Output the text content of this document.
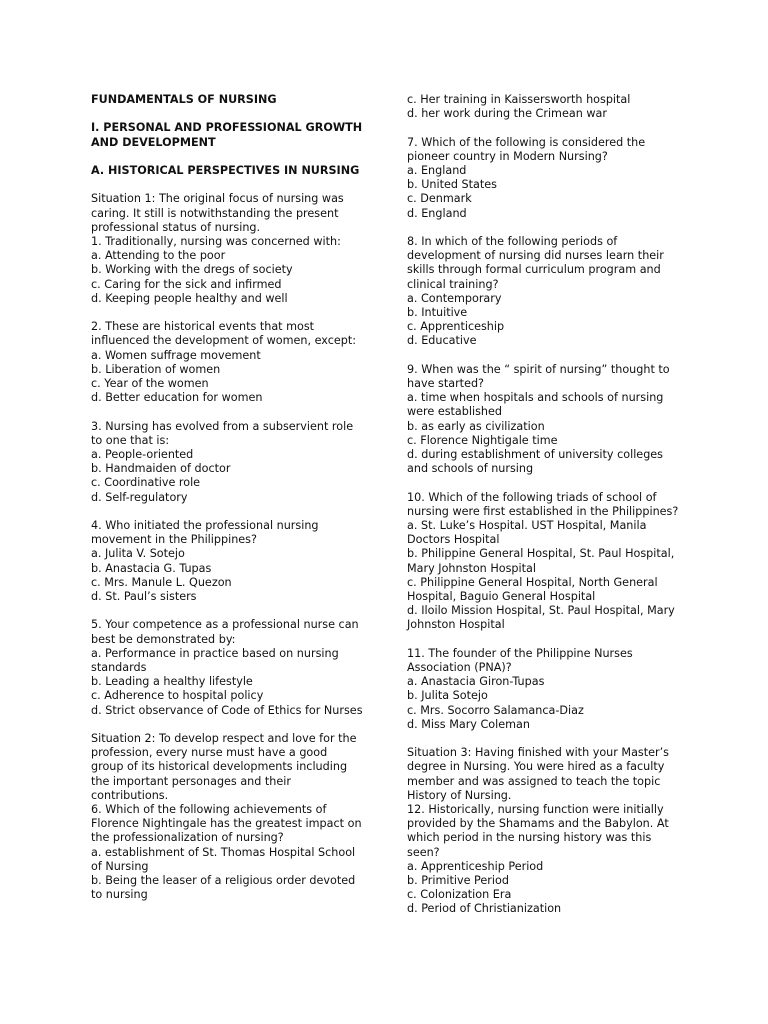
FUNDAMENTALS OF NURSING
I. PERSONAL AND PROFESSIONAL GROWTH AND DEVELOPMENT
A. HISTORICAL PERSPECTIVES IN NURSING
Situation 1: The original focus of nursing was caring. It still is notwithstanding the present professional status of nursing.
1. Traditionally, nursing was concerned with:
a. Attending to the poor
b. Working with the dregs of society
c. Caring for the sick and infirmed
d. Keeping people healthy and well
2. These are historical events that most influenced the development of women, except:
a. Women suffrage movement
b. Liberation of women
c. Year of the women
d. Better education for women
3. Nursing has evolved from a subservient role to one that is:
a. People-oriented
b. Handmaiden of doctor
c. Coordinative role
d. Self-regulatory
4. Who initiated the professional nursing movement in the Philippines?
a. Julita V. Sotejo
b. Anastacia G. Tupas
c. Mrs. Manule L. Quezon
d. St. Paul’s sisters
5. Your competence as a professional nurse can best be demonstrated by:
a. Performance in practice based on nursing standards
b. Leading a healthy lifestyle
c. Adherence to hospital policy
d. Strict observance of Code of Ethics for Nurses
Situation 2: To develop respect and love for the profession, every nurse must have a good group of its historical developments including the important personages and their contributions.
6. Which of the following achievements of Florence Nightingale has the greatest impact on the professionalization of nursing?
a. establishment of St. Thomas Hospital School of Nursing
b. Being the leaser of a religious order devoted to nursing
c. Her training in Kaissersworth hospital
d. her work during the Crimean war
7. Which of the following is considered the pioneer country in Modern Nursing?
a. England
b. United States
c. Denmark
d. England
8. In which of the following periods of development of nursing did nurses learn their skills through formal curriculum program and clinical training?
a. Contemporary
b. Intuitive
c. Apprenticeship
d. Educative
9. When was the “ spirit of nursing” thought to have started?
a. time when hospitals and schools of nursing were established
b. as early as civilization
c. Florence Nightigale time
d. during establishment of university colleges and schools of nursing
10. Which of the following triads of school of nursing were first established in the Philippines?
a. St. Luke’s Hospital. UST Hospital, Manila Doctors Hospital
b. Philippine General Hospital, St. Paul Hospital, Mary Johnston Hospital
c. Philippine General Hospital, North General Hospital, Baguio General Hospital
d. Iloilo Mission Hospital, St. Paul Hospital, Mary Johnston Hospital
11. The founder of the Philippine Nurses Association (PNA)?
a. Anastacia Giron-Tupas
b. Julita Sotejo
c. Mrs. Socorro Salamanca-Diaz
d. Miss Mary Coleman
Situation 3: Having finished with your Master’s degree in Nursing. You were hired as a faculty member and was assigned to teach the topic History of Nursing.
12. Historically, nursing function were initially provided by the Shamams and the Babylon. At which period in the nursing history was this seen?
a. Apprenticeship Period
b. Primitive Period
c. Colonization Era
d. Period of Christianization
